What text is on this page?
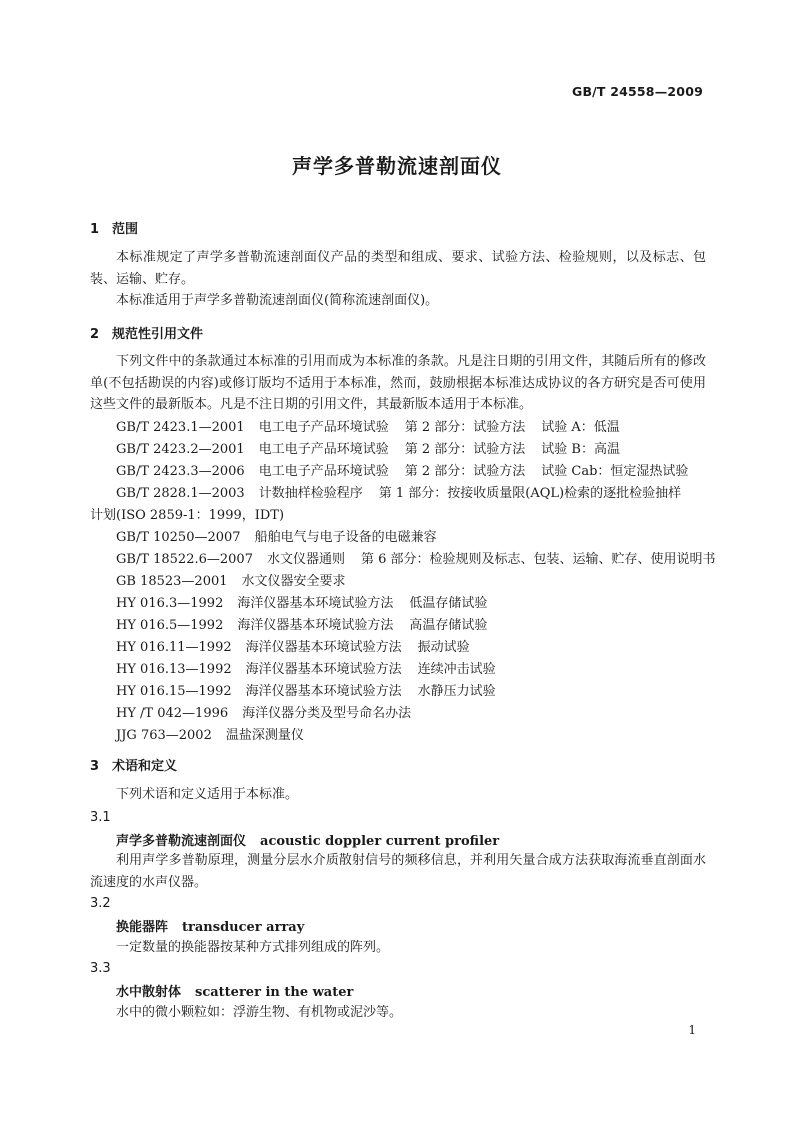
GB/T 24558—2009
声学多普勒流速剖面仪
1 范围
本标准规定了声学多普勒流速剖面仪产品的类型和组成、要求、试验方法、检验规则，以及标志、包装、运输、贮存。
本标准适用于声学多普勒流速剖面仪(简称流速剖面仪)。
2 规范性引用文件
下列文件中的条款通过本标准的引用而成为本标准的条款。凡是注日期的引用文件，其随后所有的修改单(不包括勘误的内容)或修订版均不适用于本标准，然而，鼓励根据本标准达成协议的各方研究是否可使用这些文件的最新版本。凡是不注日期的引用文件，其最新版本适用于本标准。
GB/T 2423.1—2001 电工电子产品环境试验 第 2 部分：试验方法 试验 A：低温
GB/T 2423.2—2001 电工电子产品环境试验 第 2 部分：试验方法 试验 B：高温
GB/T 2423.3—2006 电工电子产品环境试验 第 2 部分：试验方法 试验 Cab：恒定湿热试验
GB/T 2828.1—2003 计数抽样检验程序 第 1 部分：按接收质量限(AQL)检索的逐批检验抽样
计划(ISO 2859-1：1999，IDT)
GB/T 10250—2007 船舶电气与电子设备的电磁兼容
GB/T 18522.6—2007 水文仪器通则 第 6 部分：检验规则及标志、包装、运输、贮存、使用说明书
GB 18523—2001 水文仪器安全要求
HY 016.3—1992 海洋仪器基本环境试验方法 低温存储试验
HY 016.5—1992 海洋仪器基本环境试验方法 高温存储试验
HY 016.11—1992 海洋仪器基本环境试验方法 振动试验
HY 016.13—1992 海洋仪器基本环境试验方法 连续冲击试验
HY 016.15—1992 海洋仪器基本环境试验方法 水静压力试验
HY /T 042—1996 海洋仪器分类及型号命名办法
JJG 763—2002 温盐深测量仪
3 术语和定义
下列术语和定义适用于本标准。
3.1
声学多普勒流速剖面仪 acoustic doppler current profiler
利用声学多普勒原理，测量分层水介质散射信号的频移信息，并利用矢量合成方法获取海流垂直剖面水流速度的水声仪器。
3.2
换能器阵 transducer array
一定数量的换能器按某种方式排列组成的阵列。
3.3
水中散射体 scatterer in the water
水中的微小颗粒如：浮游生物、有机物或泥沙等。
1
